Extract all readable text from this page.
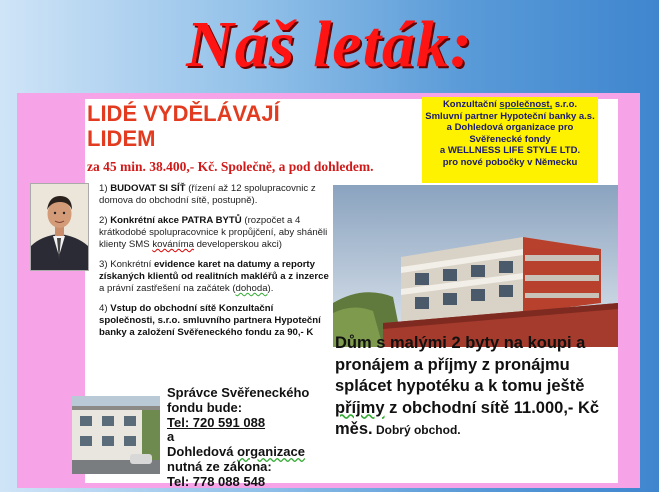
Náš leták:
LIDÉ VYDĚLÁVAJÍ LIDEM
za 45 min. 38.400,- Kč. Společně, a pod dohledem.
Konzultační společnost, s.r.o.
Smluvní partner Hypoteční banky a.s. a Dohledová organizace pro Svěřenecké fondy
a WELLNESS LIFE STYLE LTD.
pro nové pobočky v Německu

1) BUDOVAT SI SÍŤ (řízení až 12 spolupracovnic z domova do obchodní sítě, postupně).

2) Konkrétní akce PATRA BYTŮ (rozpočet a 4 krátkodobé spolupracovnice k propůjčení, aby sháněli klienty SMS kováníma developerskou akci)

3) Konkrétní evidence karet na datumy a reporty získaných klientů od realitních makléřů a z inzerce a právní zastřešení na začátek (dohoda).

4) Vstup do obchodní sítě Konzultační společnosti, s.r.o. smluvního partnera Hypoteční banky a založení Svěřeneckého fondu za 90,- K

Správce Svěřeneckého fondu bude:
Tel: 720 591 088
a
Dohledová organizace
nutná ze zákona:
Tel: 778 088 548
Dům s malými 2 byty na koupi a pronájem a příjmy z pronájmu splácet hypotéku a k tomu ještě příjmy z obchodní sítě 11.000,- Kč měs. Dobrý obchod.
